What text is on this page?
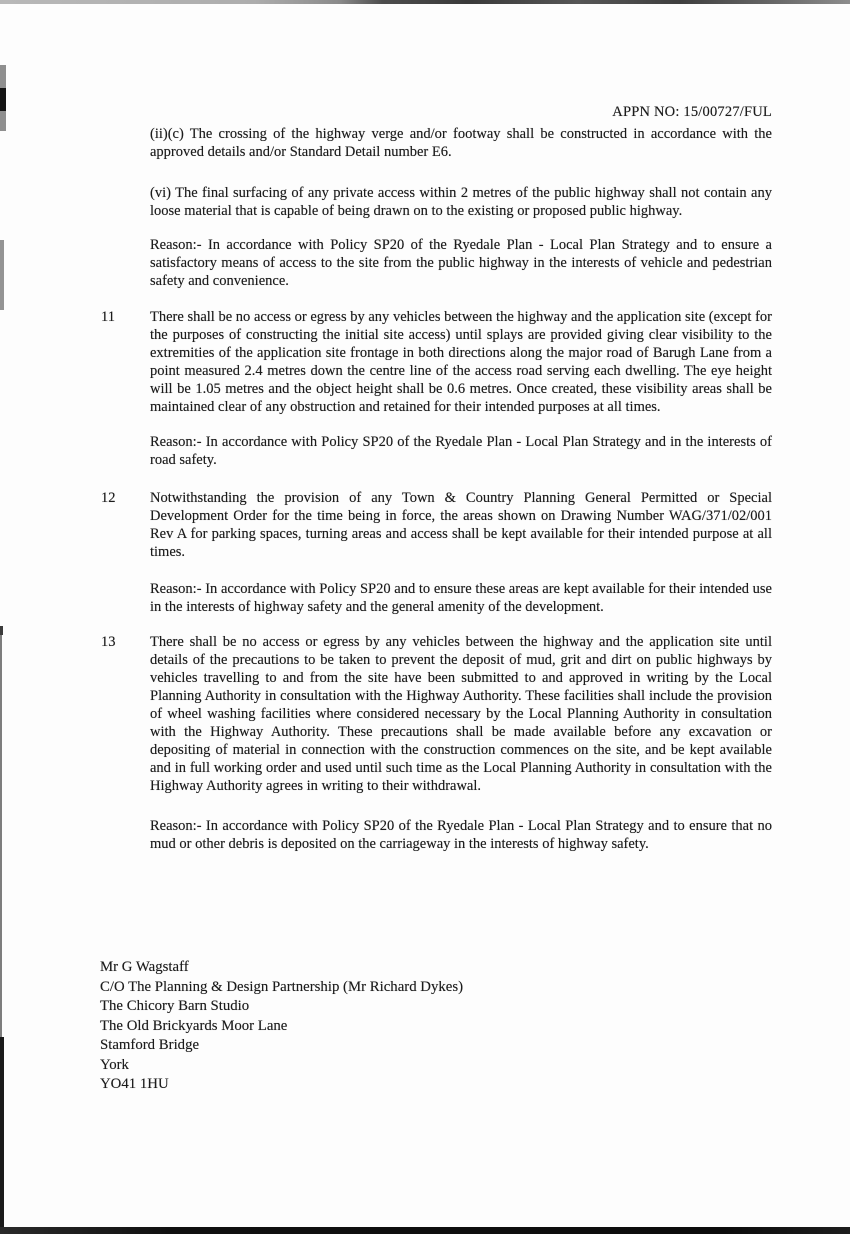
APPN NO: 15/00727/FUL

(ii)(c) The crossing of the highway verge and/or footway shall be constructed in accordance with the approved details and/or Standard Detail number E6.

(vi) The final surfacing of any private access within 2 metres of the public highway shall not contain any loose material that is capable of being drawn on to the existing or proposed public highway.

Reason:- In accordance with Policy SP20 of the Ryedale Plan - Local Plan Strategy and to ensure a satisfactory means of access to the site from the public highway in the interests of vehicle and pedestrian safety and convenience.

11 There shall be no access or egress by any vehicles between the highway and the application site (except for the purposes of constructing the initial site access) until splays are provided giving clear visibility to the extremities of the application site frontage in both directions along the major road of Barugh Lane from a point measured 2.4 metres down the centre line of the access road serving each dwelling. The eye height will be 1.05 metres and the object height shall be 0.6 metres. Once created, these visibility areas shall be maintained clear of any obstruction and retained for their intended purposes at all times.

Reason:- In accordance with Policy SP20 of the Ryedale Plan - Local Plan Strategy and in the interests of road safety.

12 Notwithstanding the provision of any Town & Country Planning General Permitted or Special Development Order for the time being in force, the areas shown on Drawing Number WAG/371/02/001 Rev A for parking spaces, turning areas and access shall be kept available for their intended purpose at all times.

Reason:- In accordance with Policy SP20 and to ensure these areas are kept available for their intended use in the interests of highway safety and the general amenity of the development.

13 There shall be no access or egress by any vehicles between the highway and the application site until details of the precautions to be taken to prevent the deposit of mud, grit and dirt on public highways by vehicles travelling to and from the site have been submitted to and approved in writing by the Local Planning Authority in consultation with the Highway Authority. These facilities shall include the provision of wheel washing facilities where considered necessary by the Local Planning Authority in consultation with the Highway Authority. These precautions shall be made available before any excavation or depositing of material in connection with the construction commences on the site, and be kept available and in full working order and used until such time as the Local Planning Authority in consultation with the Highway Authority agrees in writing to their withdrawal.

Reason:- In accordance with Policy SP20 of the Ryedale Plan - Local Plan Strategy and to ensure that no mud or other debris is deposited on the carriageway in the interests of highway safety.

Mr G Wagstaff
C/O The Planning & Design Partnership (Mr Richard Dykes)
The Chicory Barn Studio
The Old Brickyards Moor Lane
Stamford Bridge
York
YO41 1HU
